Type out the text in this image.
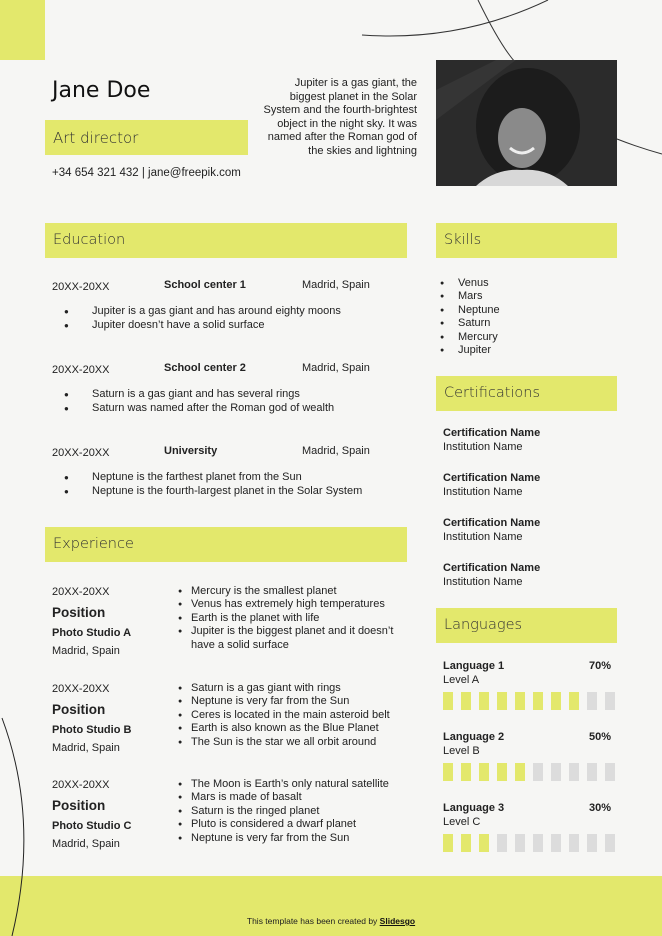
Jane Doe
Art director
+34 654 321 432 | jane@freepik.com
Jupiter is a gas giant, the biggest planet in the Solar System and the fourth-brightest object in the night sky. It was named after the Roman god of the skies and lightning
Education
20XX-20XX	School center 1	Madrid, Spain
● Jupiter is a gas giant and has around eighty moons
● Jupiter doesn’t have a solid surface
20XX-20XX	School center 2	Madrid, Spain
● Saturn is a gas giant and has several rings
● Saturn was named after the Roman god of wealth
20XX-20XX	University	Madrid, Spain
● Neptune is the farthest planet from the Sun
● Neptune is the fourth-largest planet in the Solar System
Experience
20XX-20XX
Position
Photo Studio A
Madrid, Spain
● Mercury is the smallest planet
● Venus has extremely high temperatures
● Earth is the planet with life
● Jupiter is the biggest planet and it doesn’t have a solid surface
20XX-20XX
Position
Photo Studio B
Madrid, Spain
● Saturn is a gas giant with rings
● Neptune is very far from the Sun
● Ceres is located in the main asteroid belt
● Earth is also known as the Blue Planet
● The Sun is the star we all orbit around
20XX-20XX
Position
Photo Studio C
Madrid, Spain
● The Moon is Earth’s only natural satellite
● Mars is made of basalt
● Saturn is the ringed planet
● Pluto is considered a dwarf planet
● Neptune is very far from the Sun
Skills
● Venus
● Mars
● Neptune
● Saturn
● Mercury
● Jupiter
Certifications
Certification Name
Institution Name
Certification Name
Institution Name
Certification Name
Institution Name
Certification Name
Institution Name
Languages
Language 1	70%
Level A
Language 2	50%
Level B
Language 3	30%
Level C
This template has been created by Slidesgo
